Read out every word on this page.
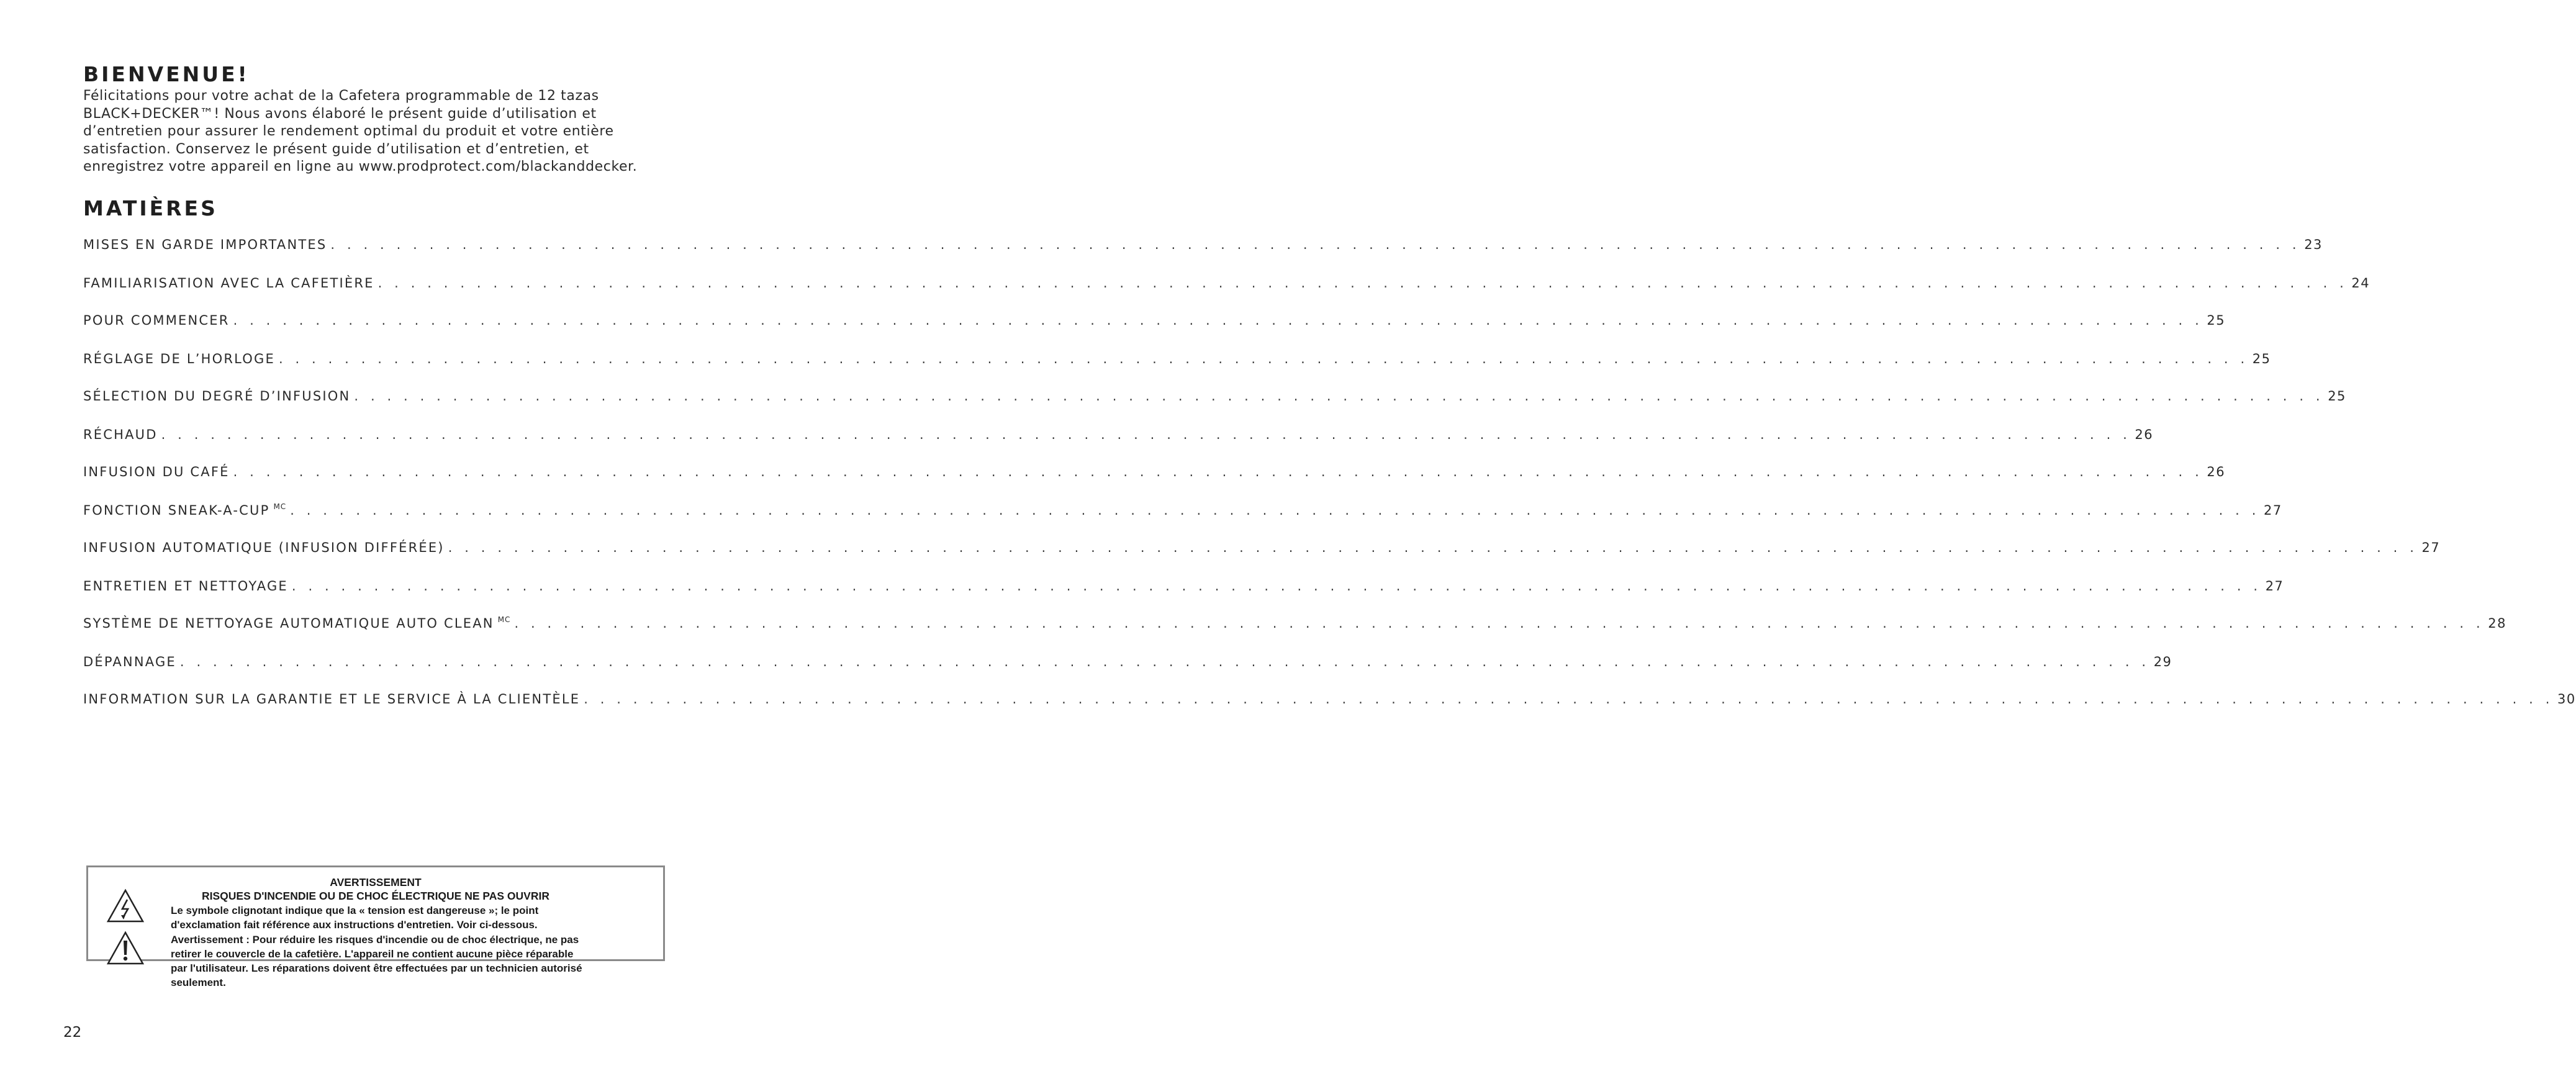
BIENVENUE!
Félicitations pour votre achat de la Cafetera programmable de 12 tazas
BLACK+DECKER™! Nous avons élaboré le présent guide d’utilisation et
d’entretien pour assurer le rendement optimal du produit et votre entière
satisfaction. Conservez le présent guide d’utilisation et d’entretien, et
enregistrez votre appareil en ligne au www.prodprotect.com/blackanddecker.
MATIÈRES
MISES EN GARDE IMPORTANTES . . . . . . . . . . . . . . . . . . . . . . . . . . . . . . . . . . . . . . . . . . . . . . . . . . . . . . . . . . . . . . . . . . . . . . . . . . . . . . . . . . . . . . . . . . . . . . . . . . . . . . . . . . . . . . . . . . . . . . . . 23
FAMILIARISATION AVEC LA CAFETIÈRE . . . . . . . . . . . . . . . . . . . . . . . . . . . . . . . . . . . . . . . . . . . . . . . . . . . . . . . . . . . . . . . . . . . . . . . . . . . . . . . . . . . . . . . . . . . . . . . . . . . . . . . . . . . . . . . . . . . . . . . . 24
POUR COMMENCER . . . . . . . . . . . . . . . . . . . . . . . . . . . . . . . . . . . . . . . . . . . . . . . . . . . . . . . . . . . . . . . . . . . . . . . . . . . . . . . . . . . . . . . . . . . . . . . . . . . . . . . . . . . . . . . . . . . . . . . . 25
RÉGLAGE DE L’HORLOGE . . . . . . . . . . . . . . . . . . . . . . . . . . . . . . . . . . . . . . . . . . . . . . . . . . . . . . . . . . . . . . . . . . . . . . . . . . . . . . . . . . . . . . . . . . . . . . . . . . . . . . . . . . . . . . . . . . . . . . . . 25
SÉLECTION DU DEGRÉ D’INFUSION . . . . . . . . . . . . . . . . . . . . . . . . . . . . . . . . . . . . . . . . . . . . . . . . . . . . . . . . . . . . . . . . . . . . . . . . . . . . . . . . . . . . . . . . . . . . . . . . . . . . . . . . . . . . . . . . . . . . . . . . 25
RÉCHAUD . . . . . . . . . . . . . . . . . . . . . . . . . . . . . . . . . . . . . . . . . . . . . . . . . . . . . . . . . . . . . . . . . . . . . . . . . . . . . . . . . . . . . . . . . . . . . . . . . . . . . . . . . . . . . . . . . . . . . . . . 26
INFUSION DU CAFÉ . . . . . . . . . . . . . . . . . . . . . . . . . . . . . . . . . . . . . . . . . . . . . . . . . . . . . . . . . . . . . . . . . . . . . . . . . . . . . . . . . . . . . . . . . . . . . . . . . . . . . . . . . . . . . . . . . . . . . . . . 26
FONCTION SNEAK-A-CUP $^{MC}$ . . . . . . . . . . . . . . . . . . . . . . . . . . . . . . . . . . . . . . . . . . . . . . . . . . . . . . . . . . . . . . . . . . . . . . . . . . . . . . . . . . . . . . . . . . . . . . . . . . . . . . . . . . . . . . . . . . . . . . . . 27
INFUSION AUTOMATIQUE (INFUSION DIFFÉRÉE) . . . . . . . . . . . . . . . . . . . . . . . . . . . . . . . . . . . . . . . . . . . . . . . . . . . . . . . . . . . . . . . . . . . . . . . . . . . . . . . . . . . . . . . . . . . . . . . . . . . . . . . . . . . . . . . . . . . . . . . . 27
ENTRETIEN ET NETTOYAGE . . . . . . . . . . . . . . . . . . . . . . . . . . . . . . . . . . . . . . . . . . . . . . . . . . . . . . . . . . . . . . . . . . . . . . . . . . . . . . . . . . . . . . . . . . . . . . . . . . . . . . . . . . . . . . . . . . . . . . . . 27
SYSTÈME DE NETTOYAGE AUTOMATIQUE AUTO CLEAN $^{MC}$ . . . . . . . . . . . . . . . . . . . . . . . . . . . . . . . . . . . . . . . . . . . . . . . . . . . . . . . . . . . . . . . . . . . . . . . . . . . . . . . . . . . . . . . . . . . . . . . . . . . . . . . . . . . . . . . . . . . . . . . . 28
DÉPANNAGE . . . . . . . . . . . . . . . . . . . . . . . . . . . . . . . . . . . . . . . . . . . . . . . . . . . . . . . . . . . . . . . . . . . . . . . . . . . . . . . . . . . . . . . . . . . . . . . . . . . . . . . . . . . . . . . . . . . . . . . . 29
INFORMATION SUR LA GARANTIE ET LE SERVICE À LA CLIENTÈLE . . . . . . . . . . . . . . . . . . . . . . . . . . . . . . . . . . . . . . . . . . . . . . . . . . . . . . . . . . . . . . . . . . . . . . . . . . . . . . . . . . . . . . . . . . . . . . . . . . . . . . . . . . . . . . . . . . . . . . . . 30
AVERTISSEMENT
RISQUES D'INCENDIE OU DE CHOC ÉLECTRIQUE NE PAS OUVRIR
Le symbole clignotant indique que la « tension est dangereuse »; le point
d'exclamation fait référence aux instructions d'entretien. Voir ci-dessous.
Avertissement : Pour réduire les risques d'incendie ou de choc électrique, ne pas
retirer le couvercle de la cafetière. L'appareil ne contient aucune pièce réparable
par l'utilisateur. Les réparations doivent être effectuées par un technicien autorisé
seulement.
22
